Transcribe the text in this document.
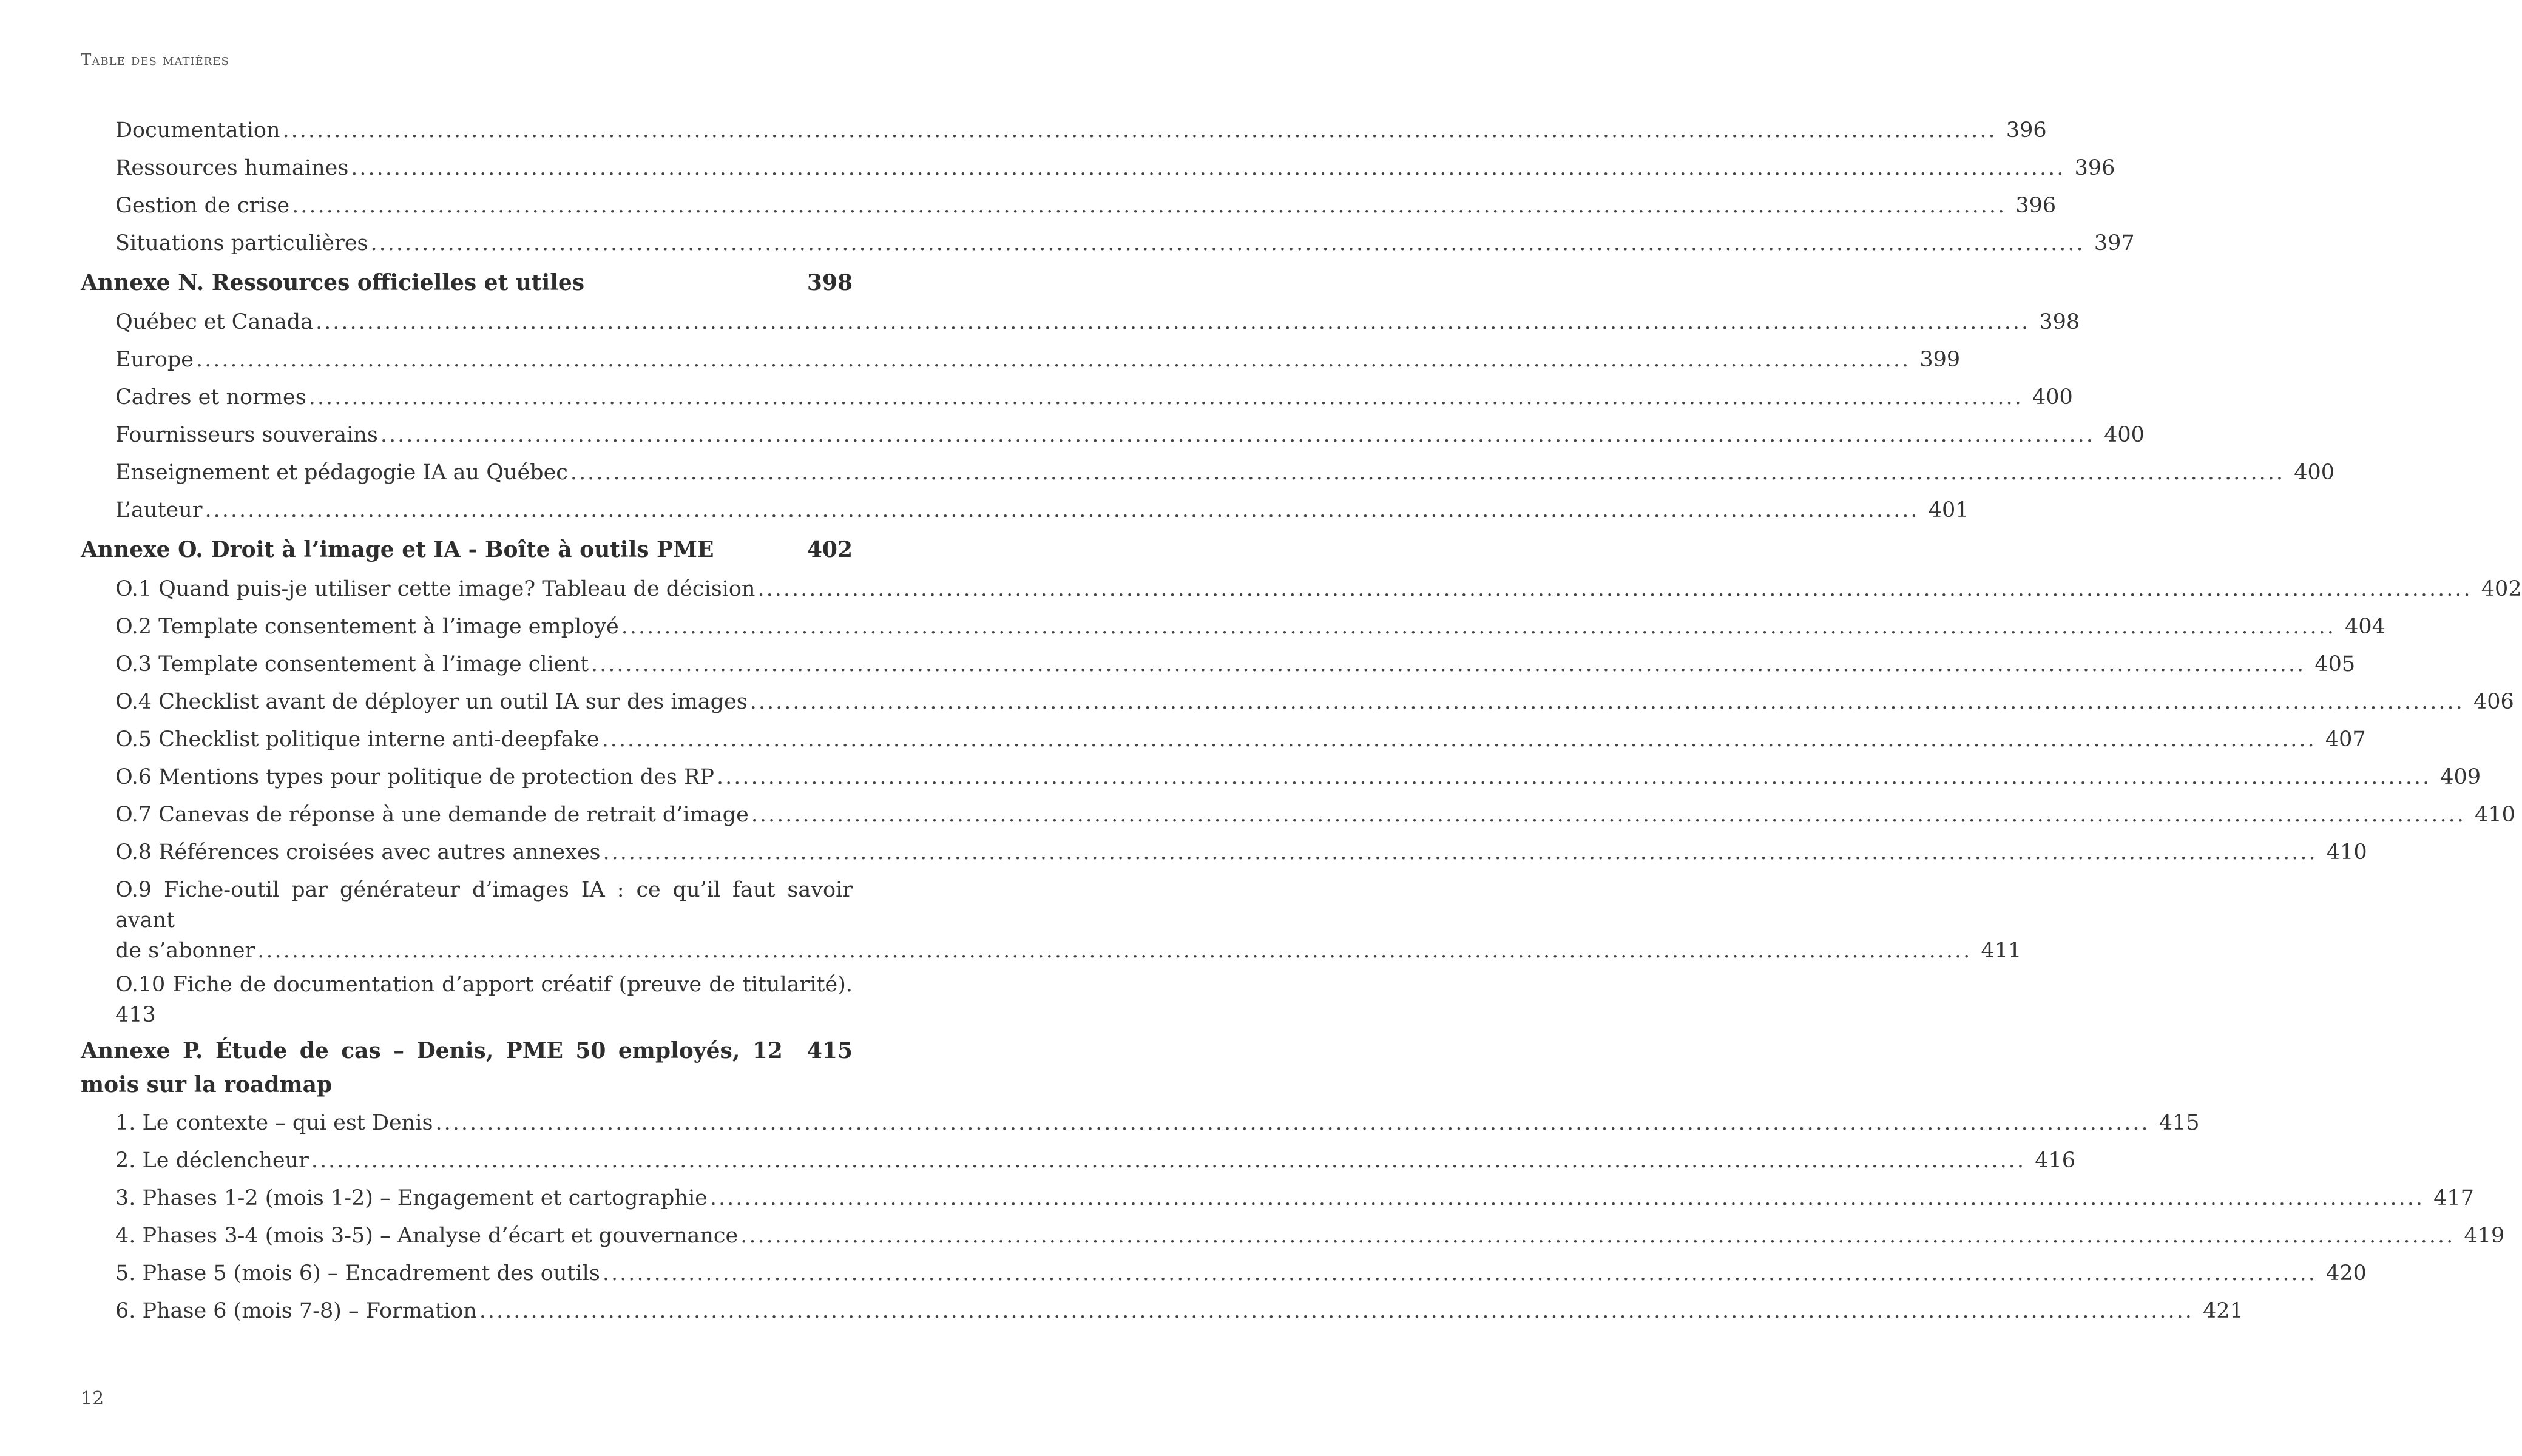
Table des matières
Documentation ........................................................................................................................................................................................................ 396
Ressources humaines ........................................................................................................................................................................................................ 396
Gestion de crise ........................................................................................................................................................................................................ 396
Situations particulières ........................................................................................................................................................................................................ 397
Annexe N. Ressources officielles et utiles	398
Québec et Canada ........................................................................................................................................................................................................ 398
Europe ........................................................................................................................................................................................................ 399
Cadres et normes ........................................................................................................................................................................................................ 400
Fournisseurs souverains ........................................................................................................................................................................................................ 400
Enseignement et pédagogie IA au Québec ........................................................................................................................................................................................................ 400
L’auteur ........................................................................................................................................................................................................ 401
Annexe O. Droit à l’image et IA - Boîte à outils PME	402
O.1 Quand puis-je utiliser cette image? Tableau de décision ........................................................................................................................................................................................................ 402
O.2 Template consentement à l’image employé ........................................................................................................................................................................................................ 404
O.3 Template consentement à l’image client ........................................................................................................................................................................................................ 405
O.4 Checklist avant de déployer un outil IA sur des images ........................................................................................................................................................................................................ 406
O.5 Checklist politique interne anti-deepfake ........................................................................................................................................................................................................ 407
O.6 Mentions types pour politique de protection des RP ........................................................................................................................................................................................................ 409
O.7 Canevas de réponse à une demande de retrait d’image ........................................................................................................................................................................................................ 410
O.8 Références croisées avec autres annexes ........................................................................................................................................................................................................ 410
O.9 Fiche-outil par générateur d’images IA : ce qu’il faut savoir avant
de s’abonner ........................................................................................................................................................................................................ 411
O.10 Fiche de documentation d’apport créatif (preuve de titularité).
413
Annexe P. Étude de cas – Denis, PME 50 employés, 12 mois sur la roadmap
415
1. Le contexte – qui est Denis ........................................................................................................................................................................................................ 415
2. Le déclencheur ........................................................................................................................................................................................................ 416
3. Phases 1-2 (mois 1-2) – Engagement et cartographie ........................................................................................................................................................................................................ 417
4. Phases 3-4 (mois 3-5) – Analyse d’écart et gouvernance ........................................................................................................................................................................................................ 419
5. Phase 5 (mois 6) – Encadrement des outils ........................................................................................................................................................................................................ 420
6. Phase 6 (mois 7-8) – Formation ........................................................................................................................................................................................................ 421
12
